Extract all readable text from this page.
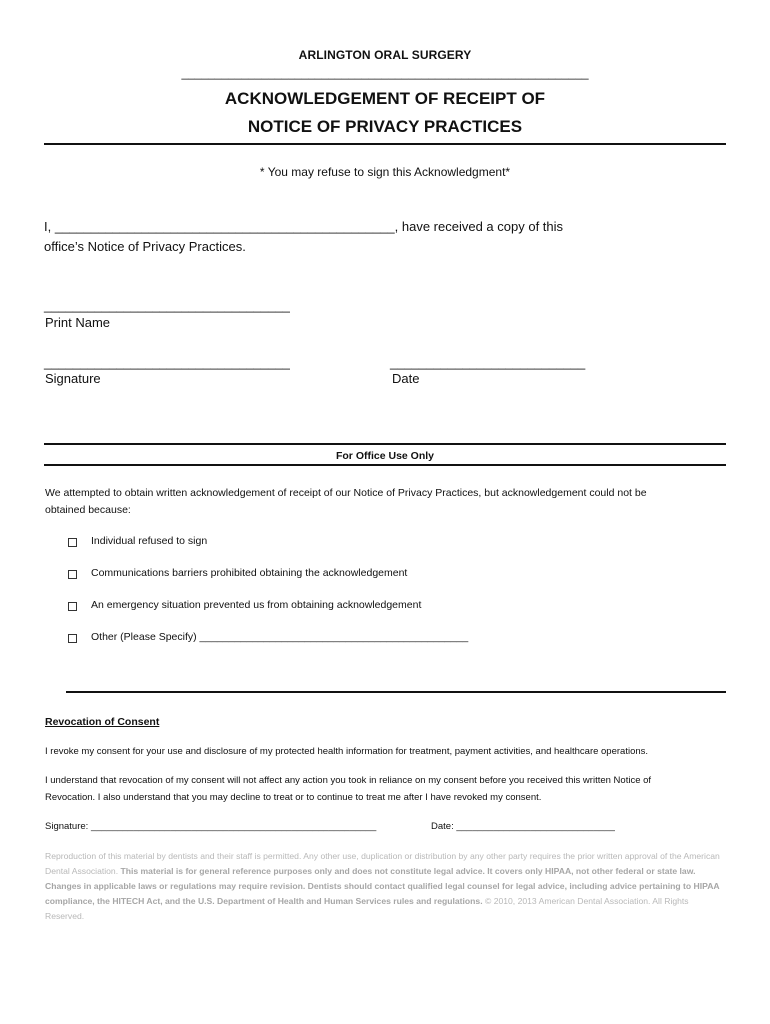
ARLINGTON ORAL SURGERY
_____________________________________________________________
ACKNOWLEDGEMENT OF RECEIPT OF
NOTICE OF PRIVACY PRACTICES
* You may refuse to sign this Acknowledgment*
I, _______________________________________________, have received a copy of this
office’s Notice of Privacy Practices.
__________________________________
Print Name
__________________________________
Signature
___________________________
Date
For Office Use Only
We attempted to obtain written acknowledgement of receipt of our Notice of Privacy Practices, but acknowledgement could not be
obtained because:
Individual refused to sign
Communications barriers prohibited obtaining the acknowledgement
An emergency situation prevented us from obtaining acknowledgement
Other (Please Specify) ______________________________________________
Revocation of Consent
I revoke my consent for your use and disclosure of my protected health information for treatment, payment activities, and healthcare operations.
I understand that revocation of my consent will not affect any action you took in reliance on my consent before you received this written Notice of
Revocation. I also understand that you may decline to treat or to continue to treat me after I have revoked my consent.
Signature: ______________________________________________________	Date: ______________________________
Reproduction of this material by dentists and their staff is permitted. Any other use, duplication or distribution by any other party requires the prior written approval of the American Dental Association. This material is for general reference purposes only and does not constitute legal advice. It covers only HIPAA, not other federal or state law. Changes in applicable laws or regulations may require revision. Dentists should contact qualified legal counsel for legal advice, including advice pertaining to HIPAA compliance, the HITECH Act, and the U.S. Department of Health and Human Services rules and regulations. © 2010, 2013 American Dental Association. All Rights Reserved.
